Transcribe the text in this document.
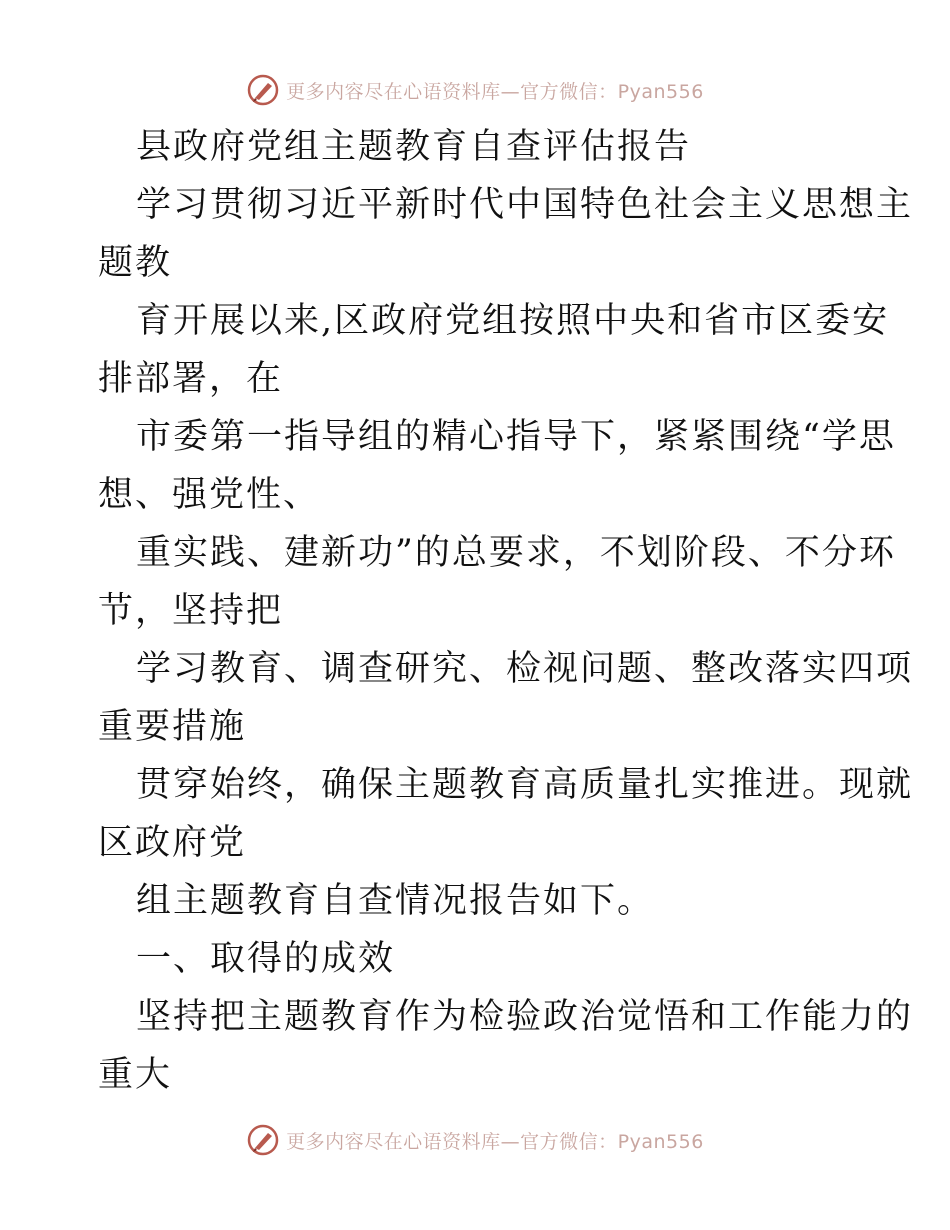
更多内容尽在心语资料库—官方微信：Pyan556
县政府党组主题教育自查评估报告
学习贯彻习近平新时代中国特色社会主义思想主
题教
育开展以来,区政府党组按照中央和省市区委安
排部署，在
市委第一指导组的精心指导下，紧紧围绕“学思
想、强党性、
重实践、建新功”的总要求，不划阶段、不分环
节，坚持把
学习教育、调查研究、检视问题、整改落实四项
重要措施
贯穿始终，确保主题教育高质量扎实推进。现就
区政府党
组主题教育自查情况报告如下。
一、取得的成效
坚持把主题教育作为检验政治觉悟和工作能力的
重大
更多内容尽在心语资料库—官方微信：Pyan556
